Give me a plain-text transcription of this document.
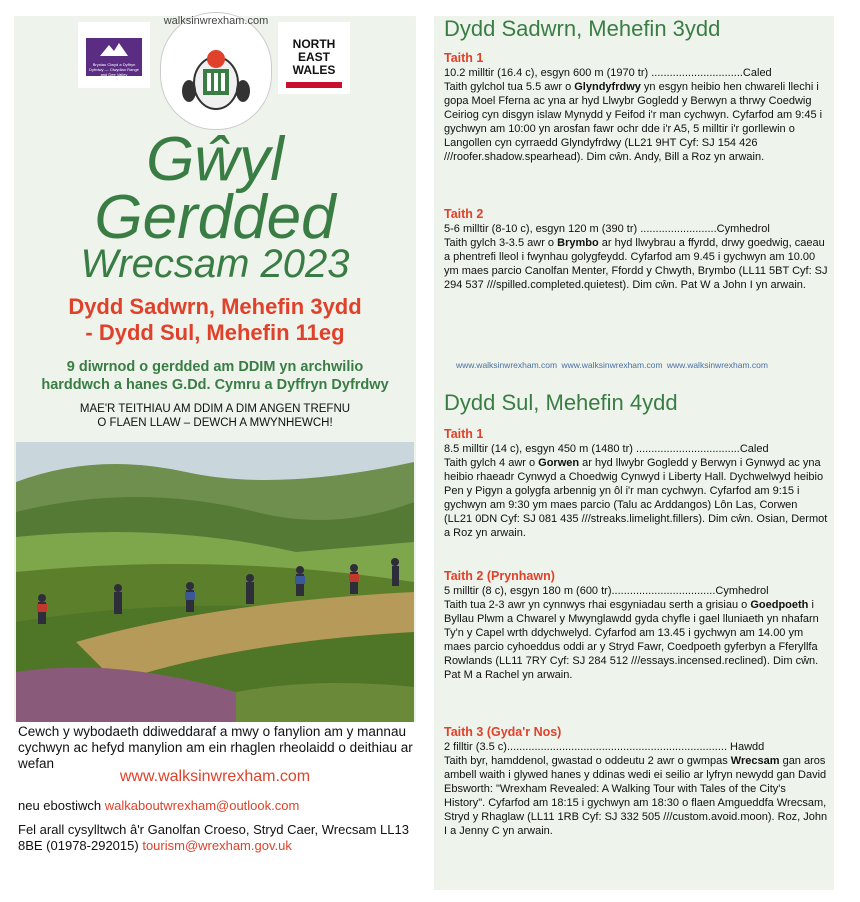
Bryniau Clwyd a Dyffryn Dyfrdwy — Clwydian Range and Dee Valley
walksinwrexham.com
NORTH EAST WALES
Gŵyl
Gerdded
Wrecsam 2023
Dydd Sadwrn, Mehefin 3ydd
- Dydd Sul, Mehefin 11eg
9 diwrnod o gerdded am DDIM yn archwilio
harddwch a hanes G.Dd. Cymru a Dyffryn Dyfrdwy
MAE'R TEITHIAU AM DDIM A DIM ANGEN TREFNU
O FLAEN LLAW – DEWCH A MWYNHEWCH!
Cewch y wybodaeth ddiweddaraf a mwy o fanylion am y mannau cychwyn ac hefyd manylion am ein rhaglen rheolaidd o deithiau ar wefan
www.walksinwrexham.com
neu ebostiwch walkaboutwrexham@outlook.com
Fel arall cysylltwch â'r Ganolfan Croeso, Stryd Caer, Wrecsam LL13 8BE (01978-292015) tourism@wrexham.gov.uk
Dydd Sadwrn, Mehefin 3ydd
Taith 1
10.2 milltir (16.4 c), esgyn 600 m (1970 tr) ..............................Caled
Taith gylchol tua 5.5 awr o Glyndyfrdwy yn esgyn heibio hen chwareli llechi i gopa Moel Fferna ac yna ar hyd Llwybr Gogledd y Berwyn a thrwy Coedwig Ceiriog cyn disgyn islaw Mynydd y Feifod i'r man cychwyn. Cyfarfod am 9:45 i gychwyn am 10:00 yn arosfan fawr ochr dde i'r A5, 5 milltir i'r gorllewin o Langollen cyn cyrraedd Glyndyfrdwy (LL21 9HT Cyf: SJ 154 426 ///roofer.shadow.spearhead). Dim cŵn. Andy, Bill a Roz yn arwain.
Taith 2
5-6 milltir (8-10 c), esgyn 120 m (390 tr) .........................Cymhedrol
Taith gylch 3-3.5 awr o Brymbo ar hyd llwybrau a ffyrdd, drwy goedwig, caeau a phentrefi lleol i fwynhau golygfeydd. Cyfarfod am 9.45 i gychwyn am 10.00 ym maes parcio Canolfan Menter, Ffordd y Chwyth, Brymbo (LL11 5BT Cyf: SJ 294 537 ///spilled.completed.quietest). Dim cŵn. Pat W a John I yn arwain.
www.walksinwrexham.com www.walksinwrexham.com www.walksinwrexham.com
Dydd Sul, Mehefin 4ydd
Taith 1
8.5 milltir (14 c), esgyn 450 m (1480 tr) ..................................Caled
Taith gylch 4 awr o Gorwen ar hyd llwybr Gogledd y Berwyn i Gynwyd ac yna heibio rhaeadr Cynwyd a Choedwig Cynwyd i Liberty Hall. Dychwelwyd heibio Pen y Pigyn a golygfa arbennig yn ôl i'r man cychwyn. Cyfarfod am 9:15 i gychwyn am 9:30 ym maes parcio (Talu ac Arddangos) Lôn Las, Corwen (LL21 0DN Cyf: SJ 081 435 ///streaks.limelight.fillers). Dim cŵn. Osian, Dermot a Roz yn arwain.
Taith 2 (Prynhawn)
5 milltir (8 c), esgyn 180 m (600 tr)..................................Cymhedrol
Taith tua 2-3 awr yn cynnwys rhai esgyniadau serth a grisiau o Goedpoeth i Byllau Plwm a Chwarel y Mwynglawdd gyda chyfle i gael lluniaeth yn nhafarn Ty'n y Capel wrth ddychwelyd. Cyfarfod am 13.45 i gychwyn am 14.00 ym maes parcio cyhoeddus oddi ar y Stryd Fawr, Coedpoeth gyferbyn a Fferyllfa Rowlands (LL11 7RY Cyf: SJ 284 512 ///essays.incensed.reclined). Dim cŵn. Pat M a Rachel yn arwain.
Taith 3 (Gyda'r Nos)
2 filltir (3.5 c)........................................................................ Hawdd
Taith byr, hamddenol, gwastad o oddeutu 2 awr o gwmpas Wrecsam gan aros ambell waith i glywed hanes y ddinas wedi ei seilio ar lyfryn newydd gan David Ebsworth: "Wrexham Revealed: A Walking Tour with Tales of the City's History". Cyfarfod am 18:15 i gychwyn am 18:30 o flaen Amgueddfa Wrecsam, Stryd y Rhaglaw (LL11 1RB Cyf: SJ 332 505 ///custom.avoid.moon). Roz, John I a Jenny C yn arwain.
